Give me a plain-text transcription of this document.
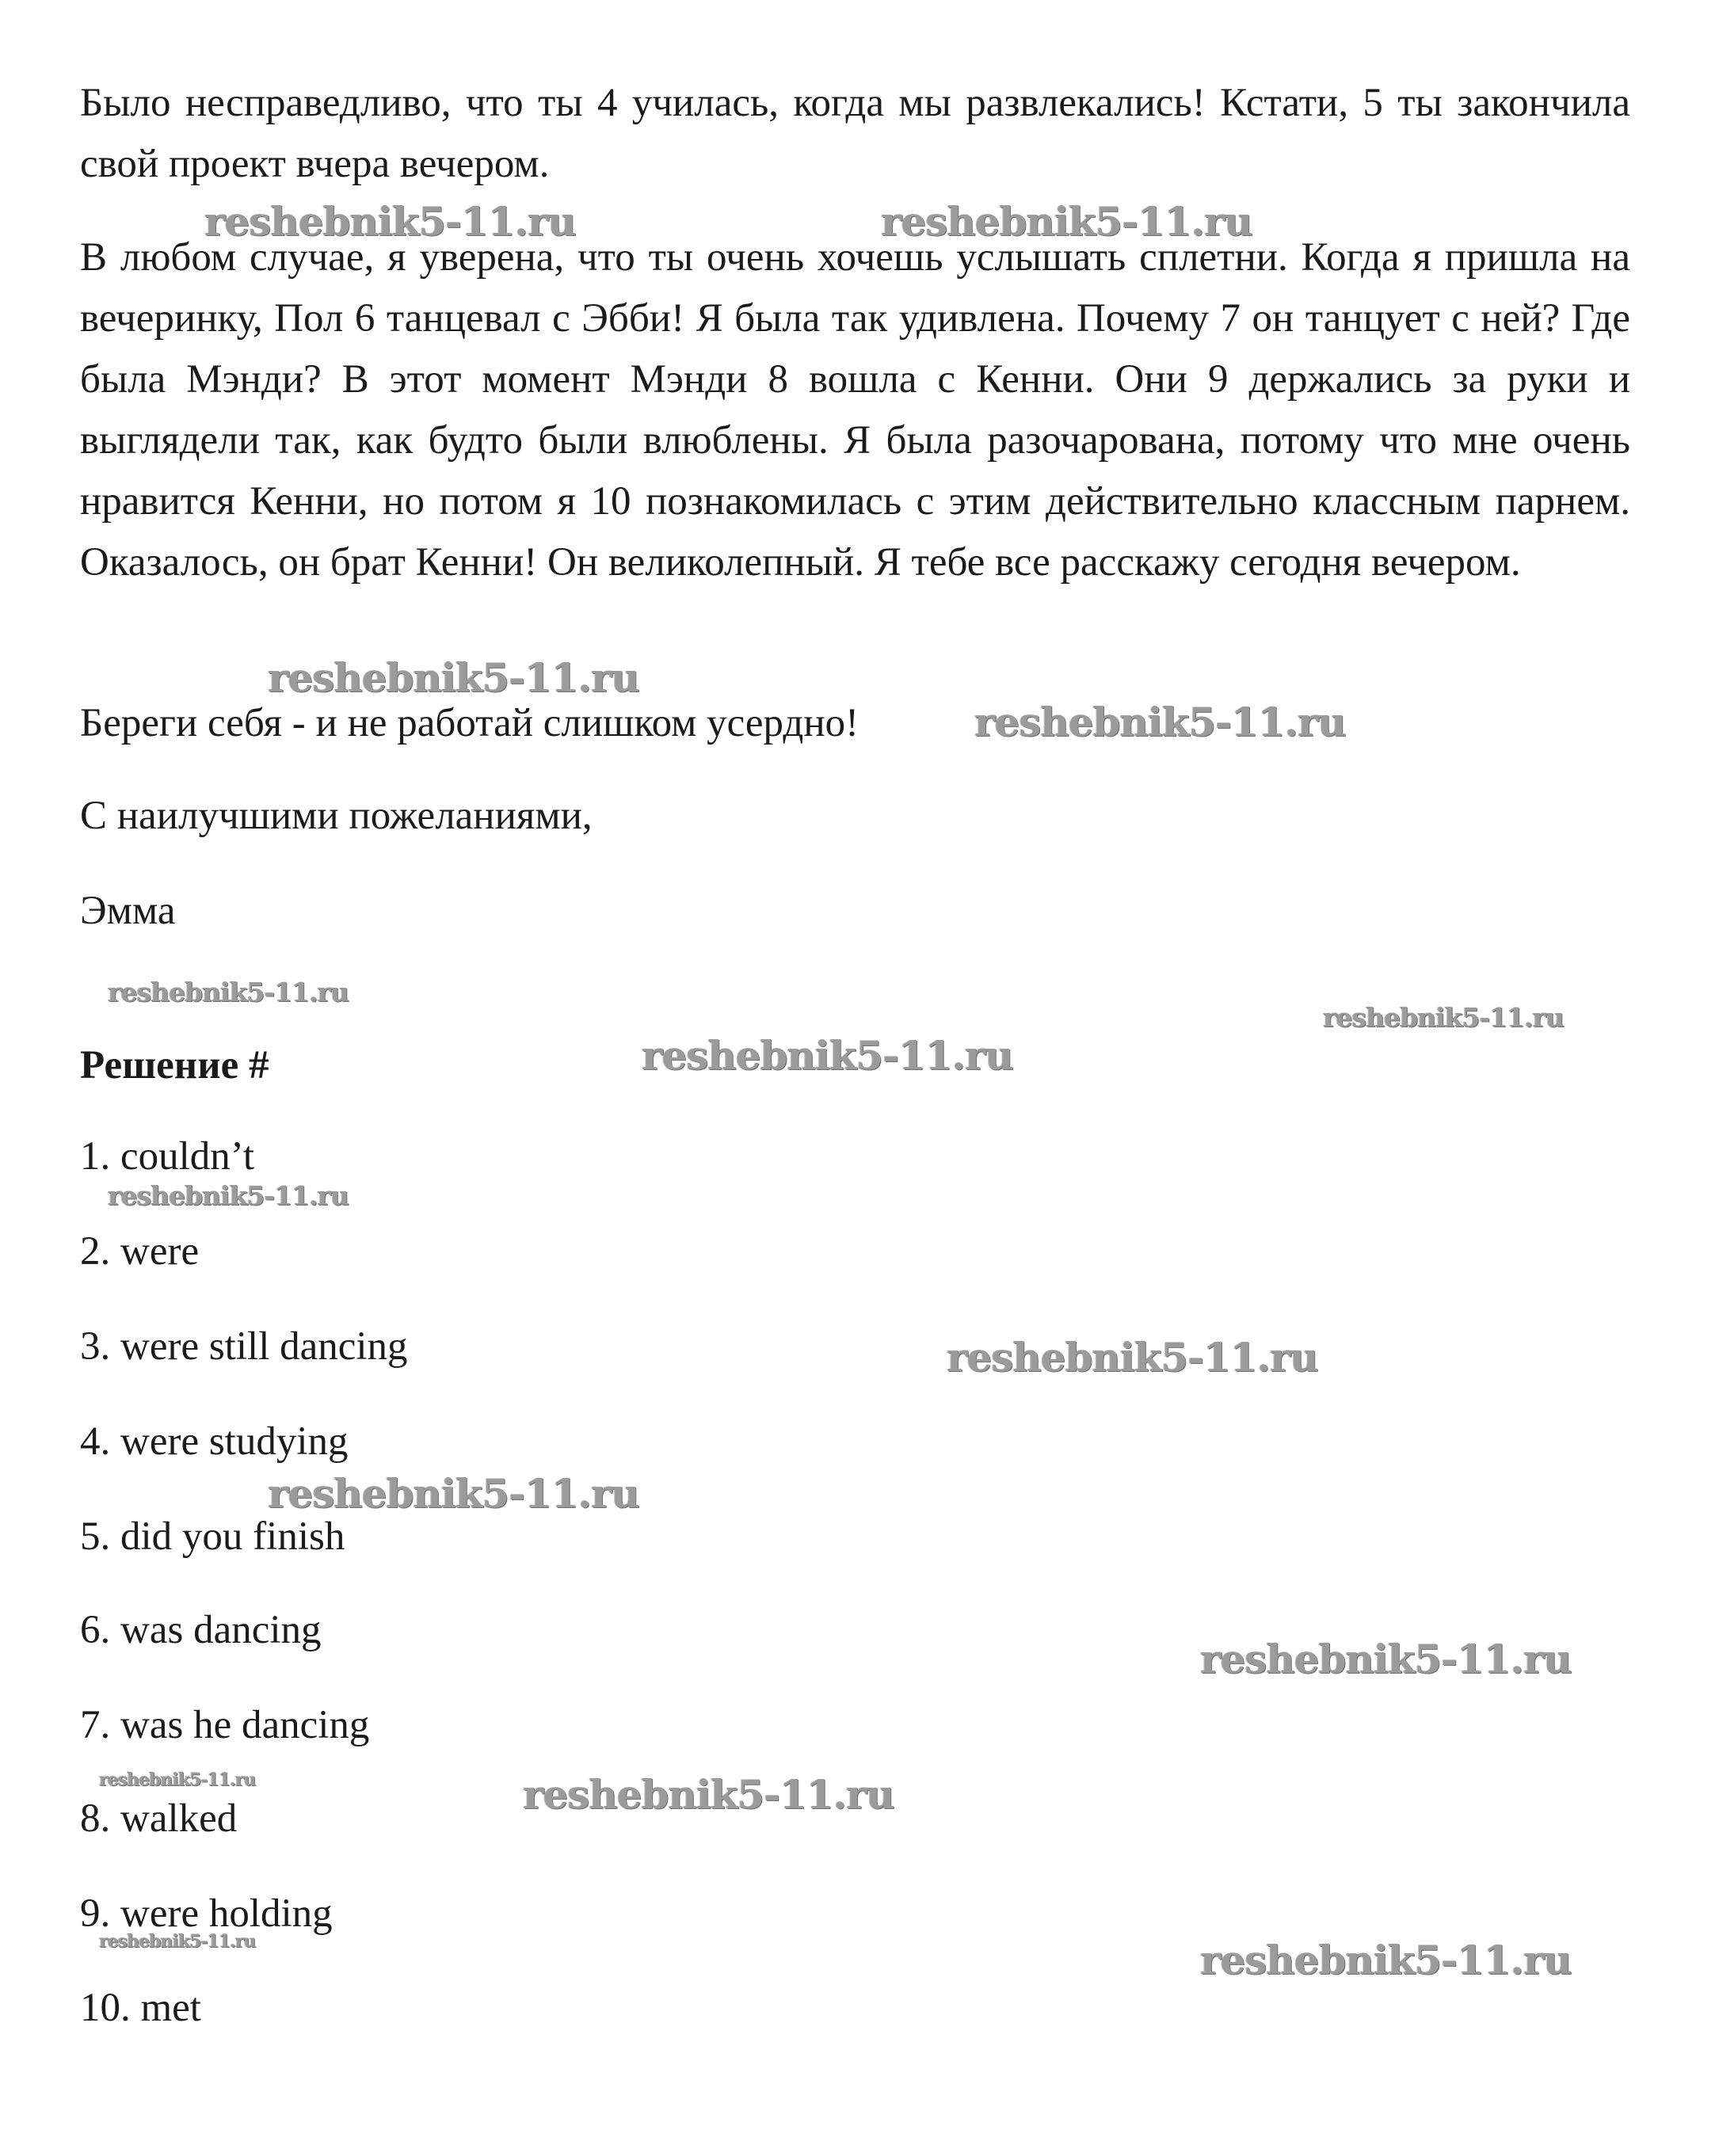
Было несправедливо, что ты 4 училась, когда мы развлекались! Кстати, 5 ты закончила свой проект вчера вечером.

В любом случае, я уверена, что ты очень хочешь услышать сплетни. Когда я пришла на вечеринку, Пол 6 танцевал с Эбби! Я была так удивлена. Почему 7 он танцует с ней? Где была Мэнди? В этот момент Мэнди 8 вошла с Кенни. Они 9 держались за руки и выглядели так, как будто были влюблены. Я была разочарована, потому что мне очень нравится Кенни, но потом я 10 познакомилась с этим действительно классным парнем. Оказалось, он брат Кенни! Он великолепный. Я тебе все расскажу сегодня вечером.

Береги себя - и не работай слишком усердно!

С наилучшими пожеланиями,

Эмма

Решение #

1. couldn’t

2. were

3. were still dancing

4. were studying

5. did you finish

6. was dancing

7. was he dancing

8. walked

9. were holding

10. met

reshebnik5-11.ru	reshebnik5-11.ru
reshebnik5-11.ru
reshebnik5-11.ru
reshebnik5-11.ru
reshebnik5-11.ru
reshebnik5-11.ru
reshebnik5-11.ru
reshebnik5-11.ru
reshebnik5-11.ru
reshebnik5-11.ru
reshebnik5-11.ru	reshebnik5-11.ru
reshebnik5-11.ru	reshebnik5-11.ru
